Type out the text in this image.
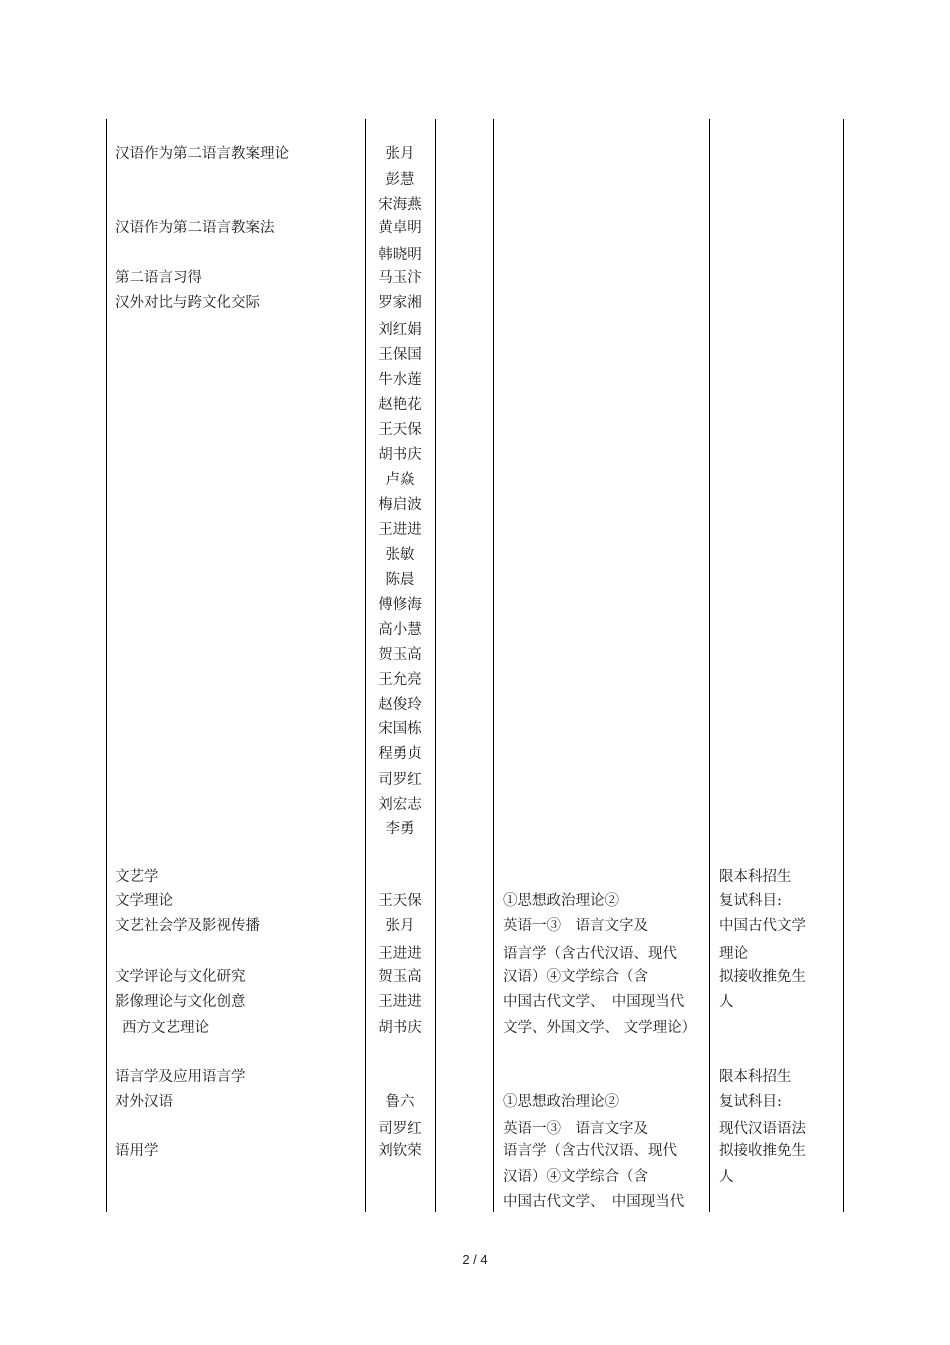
汉语作为第二语言教案理论
汉语作为第二语言教案法
第二语言习得
汉外对比与跨文化交际
张月
彭慧
宋海燕
黄卓明
韩晓明
马玉汴
罗家湘
刘红娟
王保国
牛水莲
赵艳花
王天保
胡书庆
卢焱
梅启波
王进进
张敏
陈晨
傅修海
高小慧
贺玉高
王允亮
赵俊玲
宋国栋
程勇贞
司罗红
刘宏志
李勇
文艺学
文学理论
文艺社会学及影视传播
文学评论与文化研究
影像理论与文化创意
西方文艺理论
王天保
张月
王进进
贺玉高
王进进
胡书庆
①思想政治理论②
英语一③　语言文字及
语言学（含古代汉语、现代
汉语）④文学综合（含
中国古代文学、　中国现当代
文学、外国文学、 文学理论）
限本科招生
复试科目:
中国古代文学
理论
拟接收推免生
人
语言学及应用语言学
对外汉语
语用学
鲁六
司罗红
刘钦荣
①思想政治理论②
英语一③　语言文字及
语言学（含古代汉语、现代
汉语）④文学综合（含
中国古代文学、　中国现当代
限本科招生
复试科目:
现代汉语语法
拟接收推免生
人
2 / 4
